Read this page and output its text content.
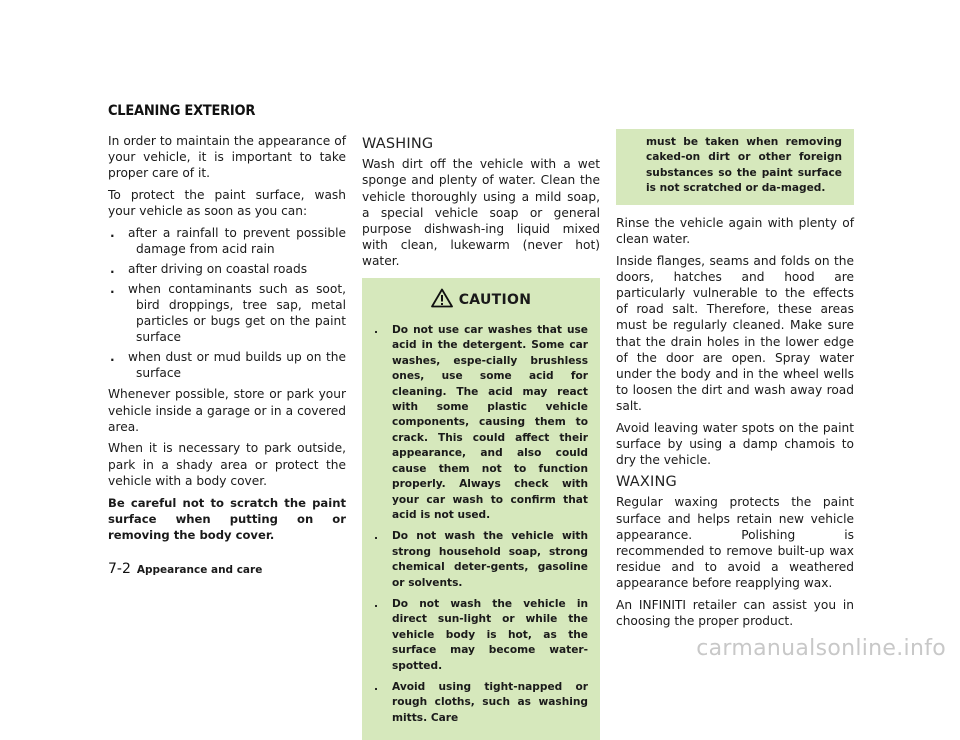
CLEANING EXTERIOR

In order to maintain the appearance of your vehicle, it is important to take proper care of it.

To protect the paint surface, wash your vehicle as soon as you can:

. after a rainfall to prevent possible damage from acid rain
. after driving on coastal roads
. when contaminants such as soot, bird droppings, tree sap, metal particles or bugs get on the paint surface
. when dust or mud builds up on the surface

Whenever possible, store or park your vehicle inside a garage or in a covered area.

When it is necessary to park outside, park in a shady area or protect the vehicle with a body cover.

Be careful not to scratch the paint surface when putting on or removing the body cover.

WASHING

Wash dirt off the vehicle with a wet sponge and plenty of water. Clean the vehicle thoroughly using a mild soap, a special vehicle soap or general purpose dishwash-ing liquid mixed with clean, lukewarm (never hot) water.

CAUTION
. Do not use car washes that use acid in the detergent. Some car washes, espe-cially brushless ones, use some acid for cleaning. The acid may react with some plastic vehicle components, causing them to crack. This could affect their appearance, and also could cause them not to function properly. Always check with your car wash to confirm that acid is not used.
. Do not wash the vehicle with strong household soap, strong chemical deter-gents, gasoline or solvents.
. Do not wash the vehicle in direct sun-light or while the vehicle body is hot, as the surface may become water-spotted.
. Avoid using tight-napped or rough cloths, such as washing mitts. Care
must be taken when removing caked-on dirt or other foreign substances so the paint surface is not scratched or da-maged.

Rinse the vehicle again with plenty of clean water.

Inside flanges, seams and folds on the doors, hatches and hood are particularly vulnerable to the effects of road salt. Therefore, these areas must be regularly cleaned. Make sure that the drain holes in the lower edge of the door are open. Spray water under the body and in the wheel wells to loosen the dirt and wash away road salt.

Avoid leaving water spots on the paint surface by using a damp chamois to dry the vehicle.

WAXING

Regular waxing protects the paint surface and helps retain new vehicle appearance. Polishing is recommended to remove built-up wax residue and to avoid a weathered appearance before reapplying wax.

An INFINITI retailer can assist you in choosing the proper product.

7-2 Appearance and care
carmanualsonline.info
